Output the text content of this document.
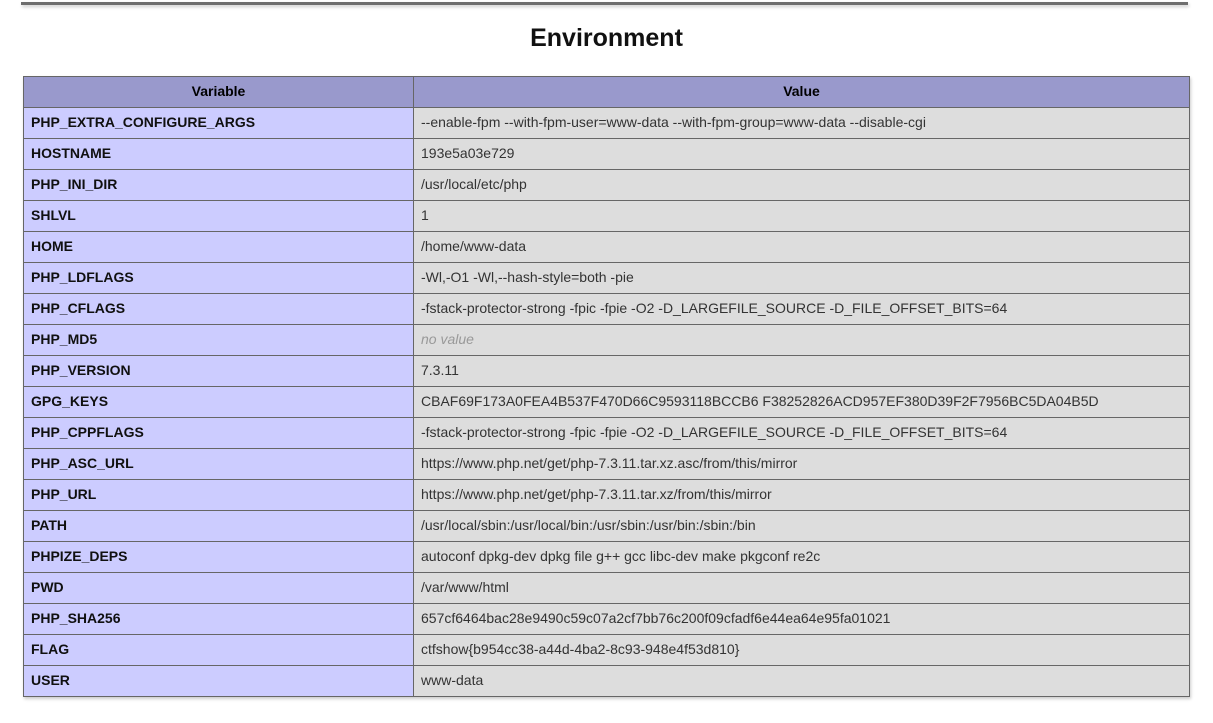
Environment
Variable	Value
PHP_EXTRA_CONFIGURE_ARGS	--enable-fpm --with-fpm-user=www-data --with-fpm-group=www-data --disable-cgi
HOSTNAME	193e5a03e729
PHP_INI_DIR	/usr/local/etc/php
SHLVL	1
HOME	/home/www-data
PHP_LDFLAGS	-Wl,-O1 -Wl,--hash-style=both -pie
PHP_CFLAGS	-fstack-protector-strong -fpic -fpie -O2 -D_LARGEFILE_SOURCE -D_FILE_OFFSET_BITS=64
PHP_MD5	no value
PHP_VERSION	7.3.11
GPG_KEYS	CBAF69F173A0FEA4B537F470D66C9593118BCCB6 F38252826ACD957EF380D39F2F7956BC5DA04B5D
PHP_CPPFLAGS	-fstack-protector-strong -fpic -fpie -O2 -D_LARGEFILE_SOURCE -D_FILE_OFFSET_BITS=64
PHP_ASC_URL	https://www.php.net/get/php-7.3.11.tar.xz.asc/from/this/mirror
PHP_URL	https://www.php.net/get/php-7.3.11.tar.xz/from/this/mirror
PATH	/usr/local/sbin:/usr/local/bin:/usr/sbin:/usr/bin:/sbin:/bin
PHPIZE_DEPS	autoconf dpkg-dev dpkg file g++ gcc libc-dev make pkgconf re2c
PWD	/var/www/html
PHP_SHA256	657cf6464bac28e9490c59c07a2cf7bb76c200f09cfadf6e44ea64e95fa01021
FLAG	ctfshow{b954cc38-a44d-4ba2-8c93-948e4f53d810}
USER	www-data
